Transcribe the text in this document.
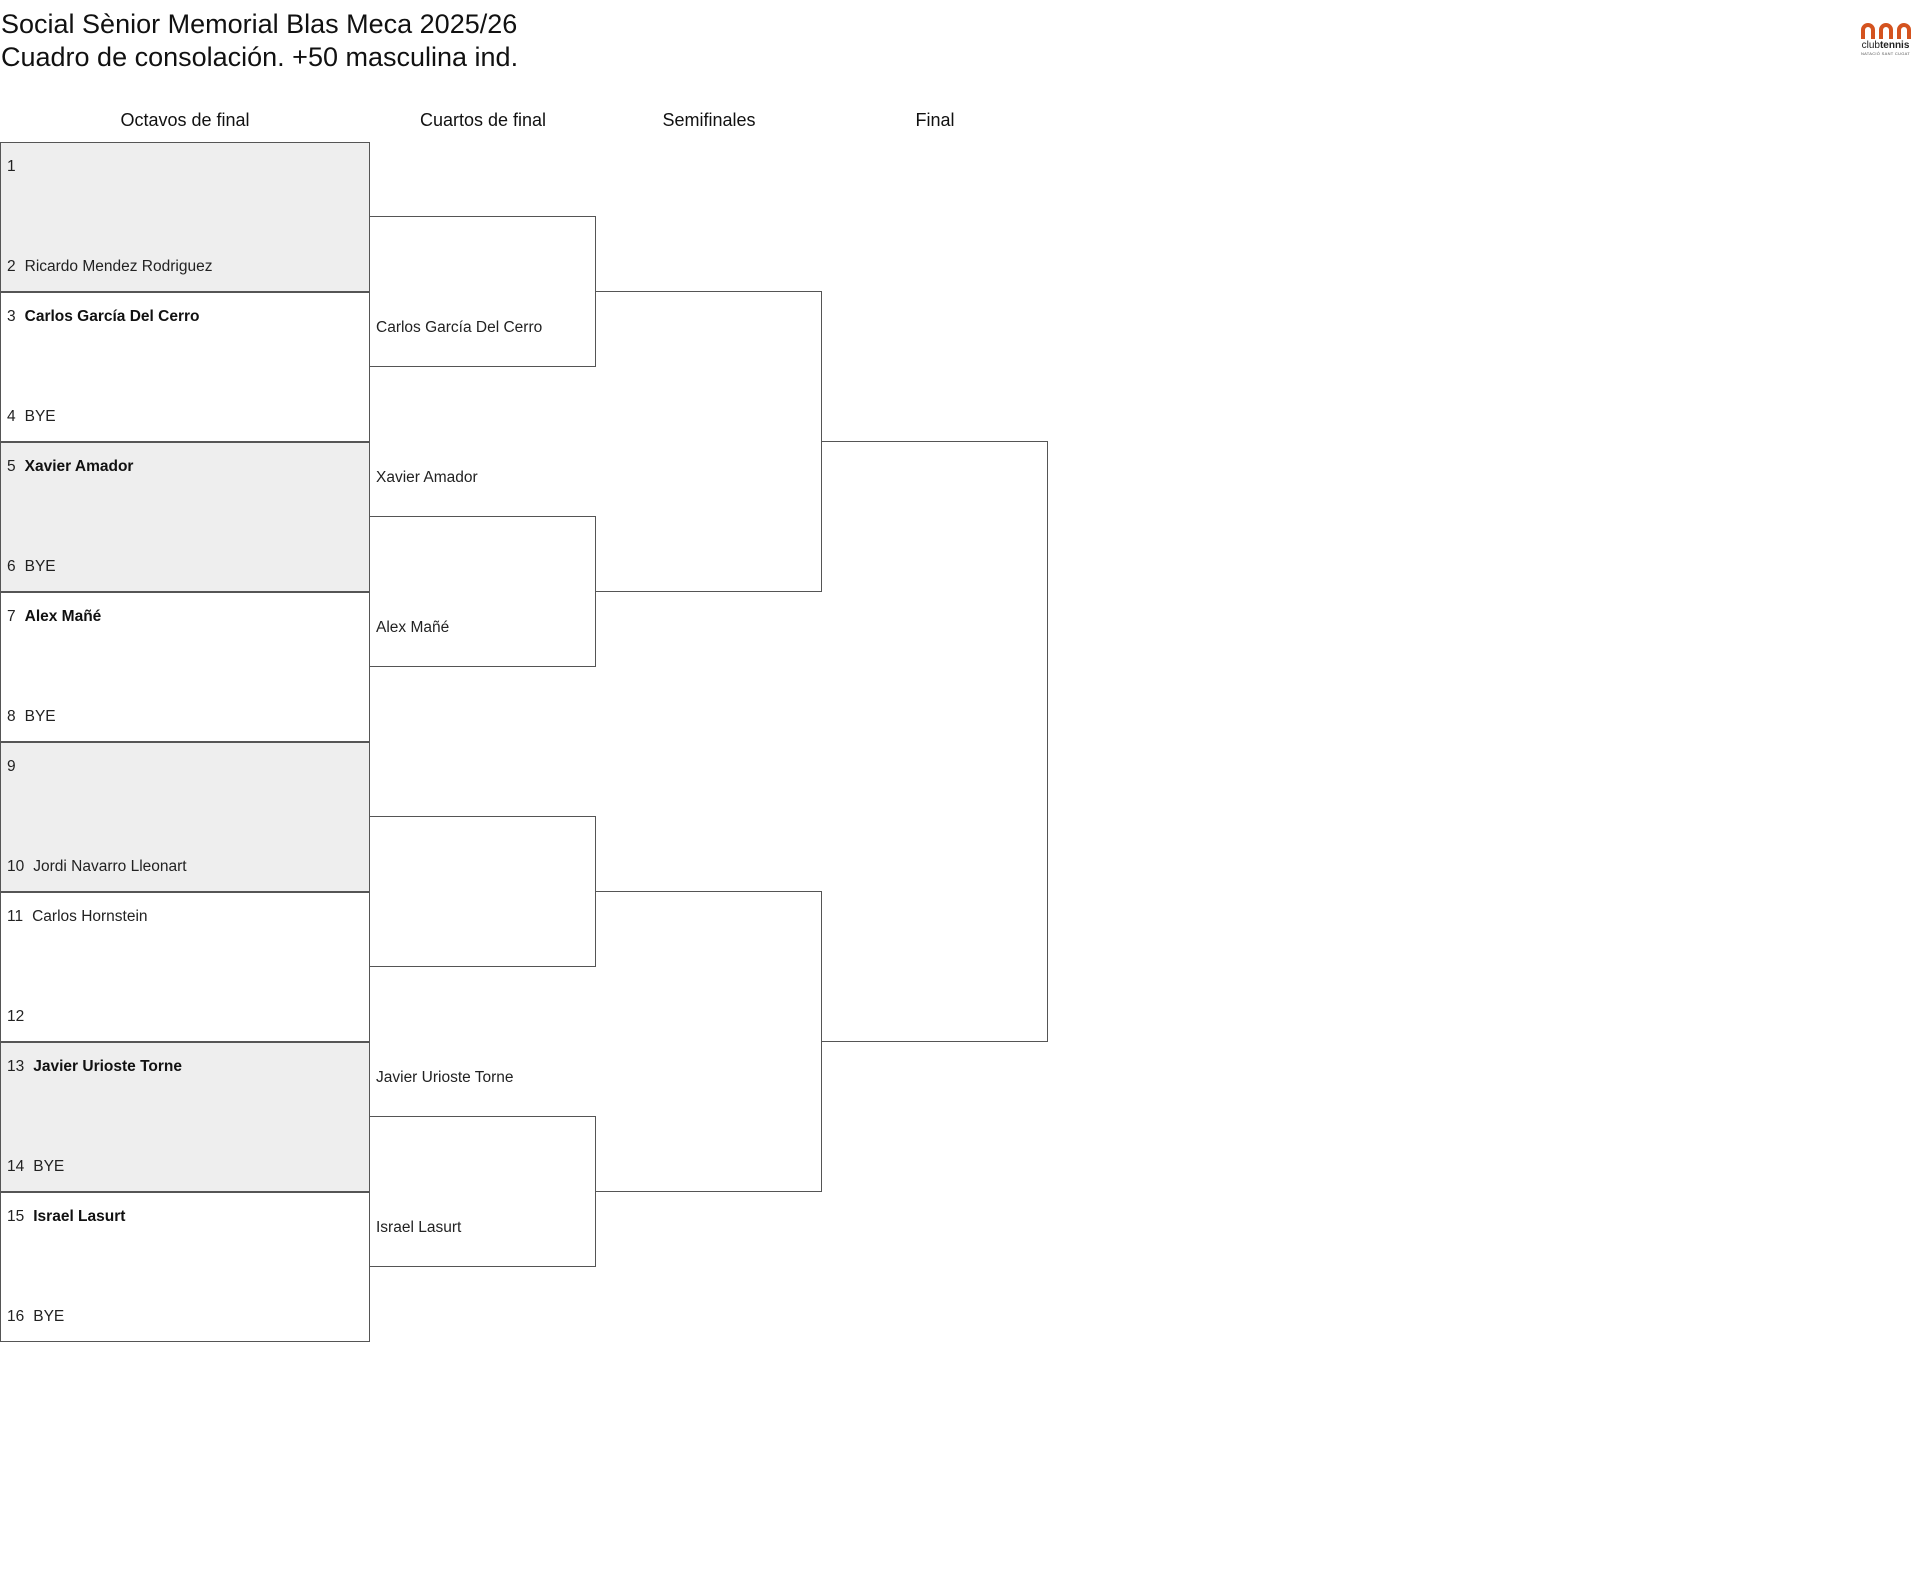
Social Sènior Memorial Blas Meca 2025/26
Cuadro de consolación. +50 masculina ind.	clubtennis
NATACIÓ SANT CUGAT
Octavos de final	Cuartos de final	Semifinales	Final
1
2 Ricardo Mendez Rodriguez
3 Carlos García Del Cerro
4 BYE
5 Xavier Amador
6 BYE
7 Alex Mañé
8 BYE
9
10 Jordi Navarro Lleonart
11 Carlos Hornstein
12
13 Javier Urioste Torne
14 BYE
15 Israel Lasurt
16 BYE
Carlos García Del Cerro
Xavier Amador
Alex Mañé
Javier Urioste Torne
Israel Lasurt
